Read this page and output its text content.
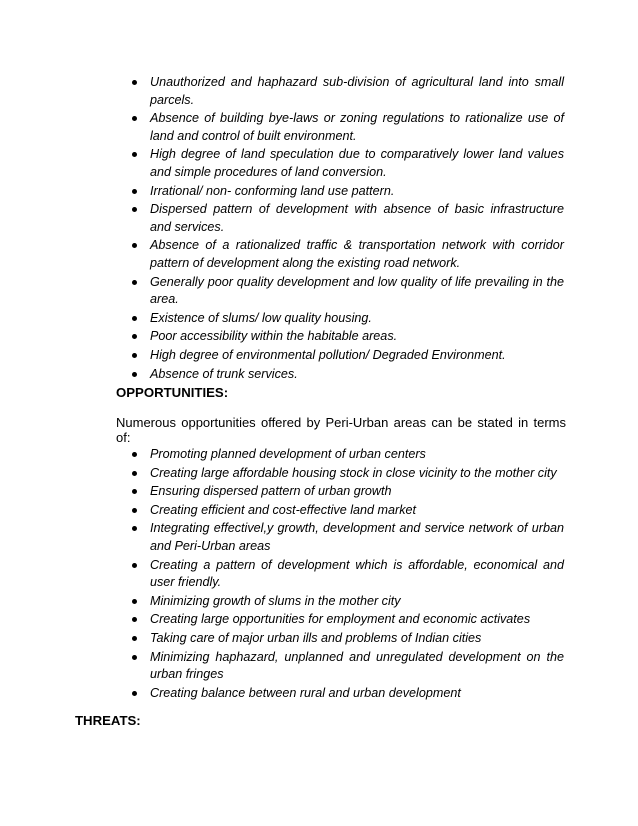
Unauthorized and haphazard sub-division of agricultural land into small parcels.
Absence of building bye-laws or zoning regulations to rationalize use of land and control of built environment.
High degree of land speculation due to comparatively lower land values and simple procedures of land conversion.
Irrational/ non- conforming land use pattern.
Dispersed pattern of development with absence of basic infrastructure and services.
Absence of a rationalized traffic & transportation network with corridor pattern of development along the existing road network.
Generally poor quality development and low quality of life prevailing in the area.
Existence of slums/ low quality housing.
Poor accessibility within the habitable areas.
High degree of environmental pollution/ Degraded Environment.
Absence of trunk services.
OPPORTUNITIES:
Numerous opportunities offered by Peri-Urban areas can be stated in terms of:
Promoting planned development of urban centers
Creating large affordable housing stock in close vicinity to the mother city
Ensuring dispersed pattern of urban growth
Creating efficient and cost-effective land market
Integrating effectivel,y growth, development and service network of urban and Peri-Urban areas
Creating a pattern of development which is affordable, economical and user friendly.
Minimizing growth of slums in the mother city
Creating large opportunities for employment and economic activates
Taking care of major urban ills and problems of Indian cities
Minimizing haphazard, unplanned and unregulated development on the urban fringes
Creating balance between rural and urban development
THREATS:
